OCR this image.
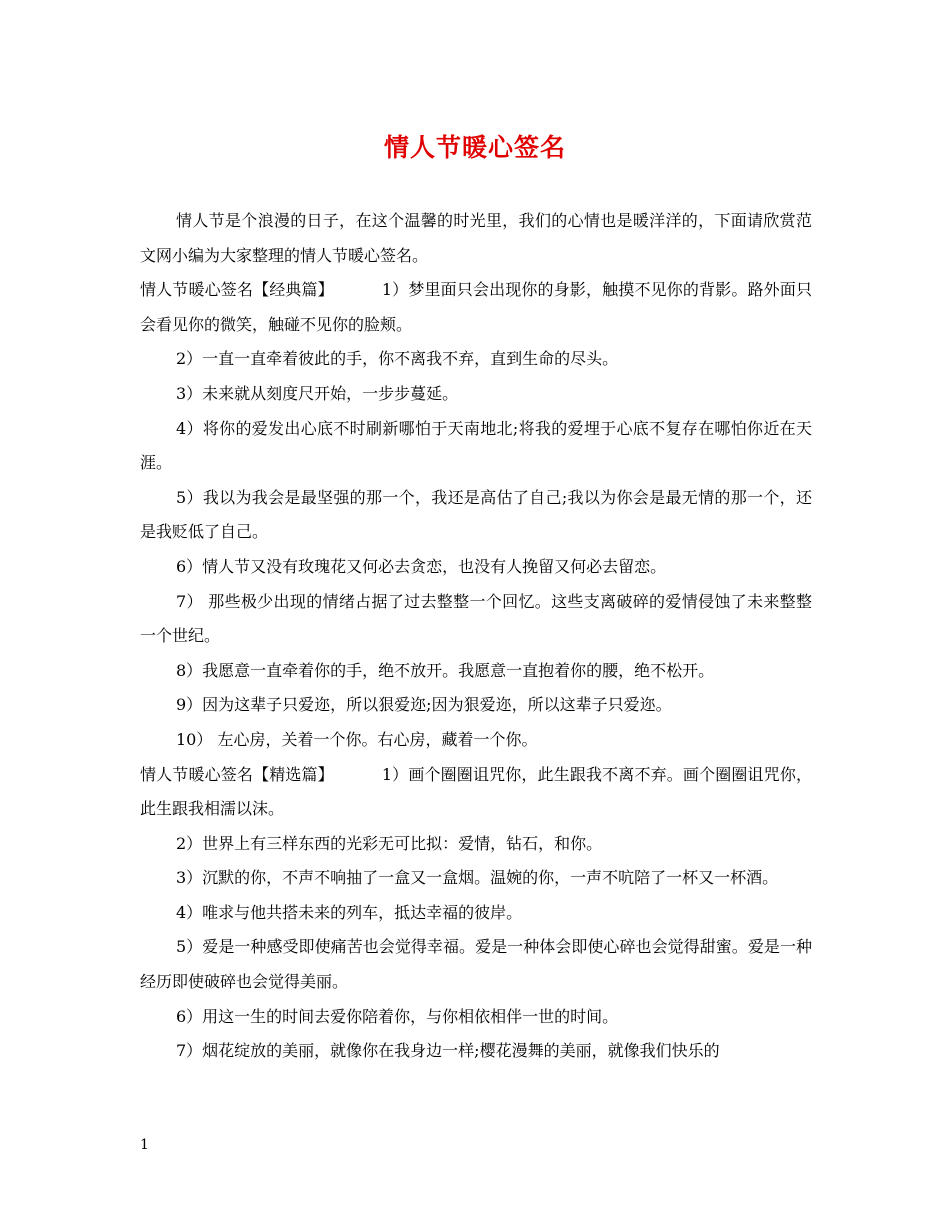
情人节暖心签名

情人节是个浪漫的日子，在这个温馨的时光里，我们的心情也是暖洋洋的，下面请欣赏范文网小编为大家整理的情人节暖心签名。

情人节暖心签名【经典篇】	1）梦里面只会出现你的身影，触摸不见你的背影。路外面只会看见你的微笑，触碰不见你的脸颊。

2）一直一直牵着彼此的手，你不离我不弃，直到生命的尽头。

3）未来就从刻度尺开始，一步步蔓延。

4）将你的爱发出心底不时刷新哪怕于天南地北;将我的爱埋于心底不复存在哪怕你近在天涯。

5）我以为我会是最坚强的那一个，我还是高估了自己;我以为你会是最无情的那一个，还是我贬低了自己。

6）情人节又没有玫瑰花又何必去贪恋，也没有人挽留又何必去留恋。

7） 那些极少出现的情绪占据了过去整整一个回忆。这些支离破碎的爱情侵蚀了未来整整一个世纪。

8）我愿意一直牵着你的手，绝不放开。我愿意一直抱着你的腰，绝不松开。

9）因为这辈子只爱迩，所以狠爱迩;因为狠爱迩，所以这辈子只爱迩。

10） 左心房，关着一个你。右心房，藏着一个你。

情人节暖心签名【精选篇】	1）画个圈圈诅咒你，此生跟我不离不弃。画个圈圈诅咒你，此生跟我相濡以沫。

2）世界上有三样东西的光彩无可比拟：爱情，钻石，和你。

3）沉默的你，不声不响抽了一盒又一盒烟。温婉的你，一声不吭陪了一杯又一杯酒。

4）唯求与他共搭未来的列车，抵达幸福的彼岸。

5）爱是一种感受即使痛苦也会觉得幸福。爱是一种体会即使心碎也会觉得甜蜜。爱是一种经历即使破碎也会觉得美丽。

6）用这一生的时间去爱你陪着你，与你相依相伴一世的时间。

7）烟花绽放的美丽，就像你在我身边一样;樱花漫舞的美丽，就像我们快乐的

1
